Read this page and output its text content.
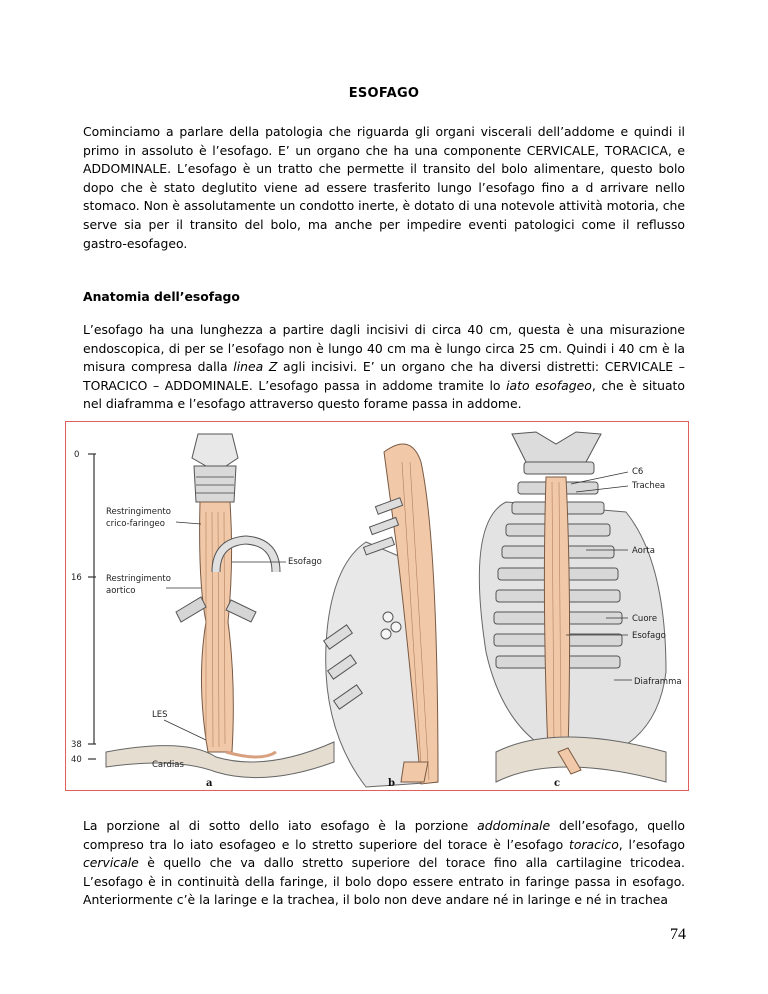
ESOFAGO

Cominciamo a parlare della patologia che riguarda gli organi viscerali dell’addome e quindi il primo in assoluto è l’esofago. E’ un organo che ha una componente CERVICALE, TORACICA, e ADDOMINALE. L’esofago è un tratto che permette il transito del bolo alimentare, questo bolo dopo che è stato deglutito viene ad essere trasferito lungo l’esofago fino a d arrivare nello stomaco. Non è assolutamente un condotto inerte, è dotato di una notevole attività motoria, che serve sia per il transito del bolo, ma anche per impedire eventi patologici come il reflusso gastro-esofageo.

Anatomia dell’esofago

L’esofago ha una lunghezza a partire dagli incisivi di circa 40 cm, questa è una misurazione endoscopica, di per se l’esofago non è lungo 40 cm ma è lungo circa 25 cm. Quindi i 40 cm è la misura compresa dalla linea Z agli incisivi. E’ un organo che ha diversi distretti: CERVICALE – TORACICO – ADDOMINALE. L’esofago passa in addome tramite lo iato esofageo, che è situato nel diaframma e l’esofago attraverso questo forame passa in addome.

0
16
38
40
Restringimento
crico-faringeo
Esofago
Restringimento
aortico
LES
Cardias
a	b
C6
Trachea
Aorta
Cuore
Esofago
Diaframma
c

La porzione al di sotto dello iato esofago è la porzione addominale dell’esofago, quello compreso tra lo iato esofageo e lo stretto superiore del torace è l’esofago toracico, l’esofago cervicale è quello che va dallo stretto superiore del torace fino alla cartilagine tricodea. L’esofago è in continuità della faringe, il bolo dopo essere entrato in faringe passa in esofago. Anteriormente c’è la laringe e la trachea, il bolo non deve andare né in laringe e né in trachea

74
